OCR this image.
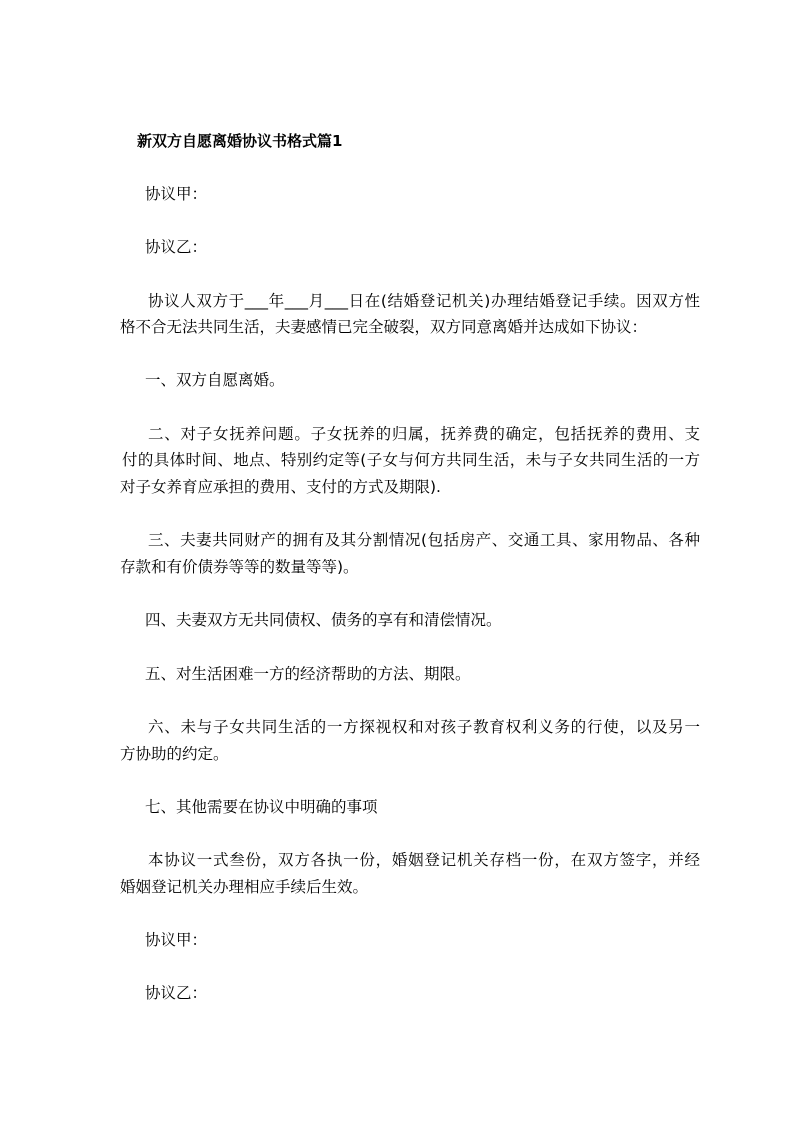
新双方自愿离婚协议书格式篇1
协议甲：
协议乙：
协议人双方于___年___月___日在(结婚登记机关)办理结婚登记手续。因双方性
格不合无法共同生活，夫妻感情已完全破裂，双方同意离婚并达成如下协议：
一、双方自愿离婚。
二、对子女抚养问题。子女抚养的归属，抚养费的确定，包括抚养的费用、支
付的具体时间、地点、特别约定等(子女与何方共同生活，未与子女共同生活的一方
对子女养育应承担的费用、支付的方式及期限).
三、夫妻共同财产的拥有及其分割情况(包括房产、交通工具、家用物品、各种
存款和有价债券等等的数量等等)。
四、夫妻双方无共同债权、债务的享有和清偿情况。
五、对生活困难一方的经济帮助的方法、期限。
六、未与子女共同生活的一方探视权和对孩子教育权利义务的行使，以及另一
方协助的约定。
七、其他需要在协议中明确的事项
本协议一式叁份，双方各执一份，婚姻登记机关存档一份，在双方签字，并经
婚姻登记机关办理相应手续后生效。
协议甲：
协议乙：
